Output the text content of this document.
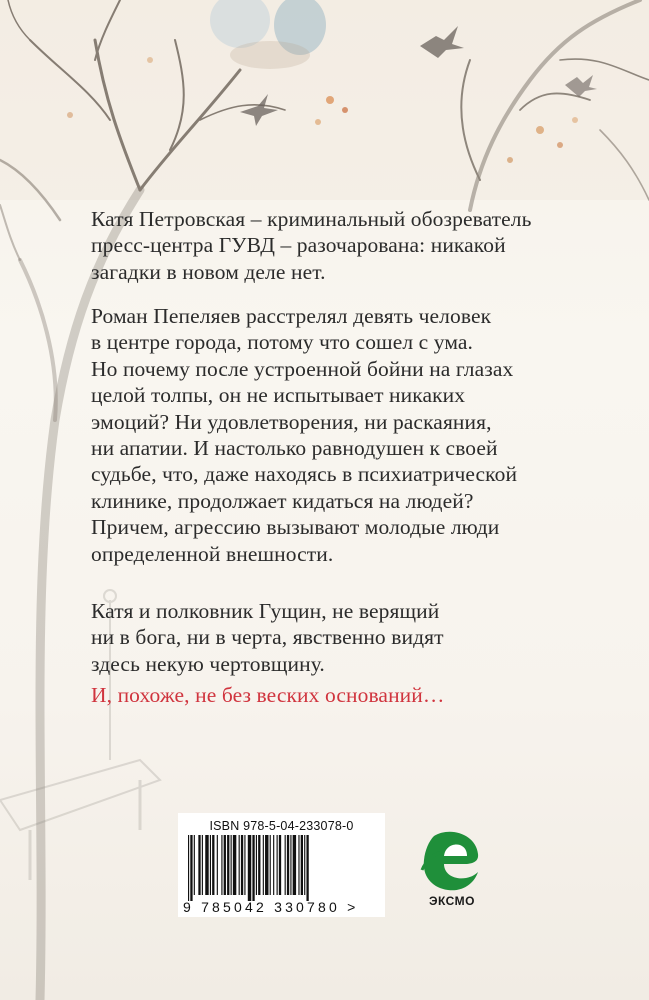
Катя Петровская – криминальный обозреватель
пресс-центра ГУВД – разочарована: никакой
загадки в новом деле нет.

Роман Пепеляев расстрелял девять человек
в центре города, потому что сошел с ума.
Но почему после устроенной бойни на глазах
целой толпы, он не испытывает никаких
эмоций? Ни удовлетворения, ни раскаяния,
ни апатии. И настолько равнодушен к своей
судьбе, что, даже находясь в психиатрической
клинике, продолжает кидаться на людей?
Причем, агрессию вызывают молодые люди
определенной внешности.

Катя и полковник Гущин, не верящий
ни в бога, ни в черта, явственно видят
здесь некую чертовщину.

И, похоже, не без веских оснований…

ISBN 978-5-04-233078-0
9 785042 330780 >	ЭКСМО
